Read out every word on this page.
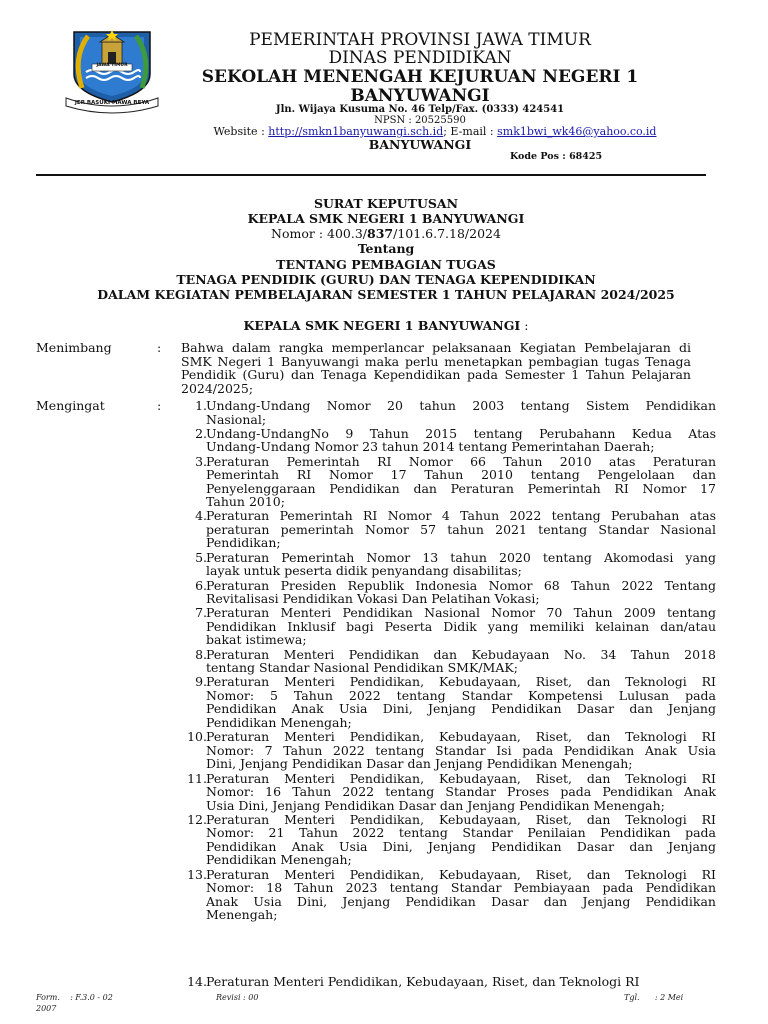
JAWA TIMUR
JER BASUKI MAWA BEYA
PEMERINTAH PROVINSI JAWA TIMUR
DINAS PENDIDIKAN
SEKOLAH MENENGAH KEJURUAN NEGERI 1
BANYUWANGI
Jln. Wijaya Kusuma No. 46 Telp/Fax. (0333) 424541
NPSN : 20525590
Website : http://smkn1banyuwangi.sch.id; E-mail : smk1bwi_wk46@yahoo.co.id
BANYUWANGI
Kode Pos : 68425
SURAT KEPUTUSAN
KEPALA SMK NEGERI 1 BANYUWANGI
Nomor : 400.3/837/101.6.7.18/2024
Tentang
TENTANG PEMBAGIAN TUGAS
TENAGA PENDIDIK (GURU) DAN TENAGA KEPENDIDIKAN
DALAM KEGIATAN PEMBELAJARAN SEMESTER 1 TAHUN PELAJARAN 2024/2025
KEPALA SMK NEGERI 1 BANYUWANGI :
Menimbang	: Bahwa dalam rangka memperlancar pelaksanaan Kegiatan Pembelajaran di
SMK Negeri 1 Banyuwangi maka perlu menetapkan pembagian tugas Tenaga
Pendidik (Guru) dan Tenaga Kependidikan pada Semester 1 Tahun Pelajaran
2024/2025;
Mengingat	:	1. Undang-Undang Nomor 20 tahun 2003 tentang Sistem Pendidikan
Nasional;
2. Undang-UndangNo 9 Tahun 2015 tentang Perubahann Kedua Atas
Undang-Undang Nomor 23 tahun 2014 tentang Pemerintahan Daerah;
3. Peraturan Pemerintah RI Nomor 66 Tahun 2010 atas Peraturan
Pemerintah RI Nomor 17 Tahun 2010 tentang Pengelolaan dan
Penyelenggaraan Pendidikan dan Peraturan Pemerintah RI Nomor 17
Tahun 2010;
4. Peraturan Pemerintah RI Nomor 4 Tahun 2022 tentang Perubahan atas
peraturan pemerintah Nomor 57 tahun 2021 tentang Standar Nasional
Pendidikan;
5. Peraturan Pemerintah Nomor 13 tahun 2020 tentang Akomodasi yang
layak untuk peserta didik penyandang disabilitas;
6. Peraturan Presiden Republik Indonesia Nomor 68 Tahun 2022 Tentang
Revitalisasi Pendidikan Vokasi Dan Pelatihan Vokasi;
7. Peraturan Menteri Pendidikan Nasional Nomor 70 Tahun 2009 tentang
Pendidikan Inklusif bagi Peserta Didik yang memiliki kelainan dan/atau
bakat istimewa;
8. Peraturan Menteri Pendidikan dan Kebudayaan No. 34 Tahun 2018
tentang Standar Nasional Pendidikan SMK/MAK;
9. Peraturan Menteri Pendidikan, Kebudayaan, Riset, dan Teknologi RI
Nomor: 5 Tahun 2022 tentang Standar Kompetensi Lulusan pada
Pendidikan Anak Usia Dini, Jenjang Pendidikan Dasar dan Jenjang
Pendidikan Menengah;
10. Peraturan Menteri Pendidikan, Kebudayaan, Riset, dan Teknologi RI
Nomor: 7 Tahun 2022 tentang Standar Isi pada Pendidikan Anak Usia
Dini, Jenjang Pendidikan Dasar dan Jenjang Pendidikan Menengah;
11. Peraturan Menteri Pendidikan, Kebudayaan, Riset, dan Teknologi RI
Nomor: 16 Tahun 2022 tentang Standar Proses pada Pendidikan Anak
Usia Dini, Jenjang Pendidikan Dasar dan Jenjang Pendidikan Menengah;
12. Peraturan Menteri Pendidikan, Kebudayaan, Riset, dan Teknologi RI
Nomor: 21 Tahun 2022 tentang Standar Penilaian Pendidikan pada
Pendidikan Anak Usia Dini, Jenjang Pendidikan Dasar dan Jenjang
Pendidikan Menengah;
13. Peraturan Menteri Pendidikan, Kebudayaan, Riset, dan Teknologi RI
Nomor: 18 Tahun 2023 tentang Standar Pembiayaan pada Pendidikan
Anak Usia Dini, Jenjang Pendidikan Dasar dan Jenjang Pendidikan
Menengah;
14. Peraturan Menteri Pendidikan, Kebudayaan, Riset, dan Teknologi RI
Form. : F.3.0 - 02
2007
Revisi : 00	Tgl. : 2 Mei
